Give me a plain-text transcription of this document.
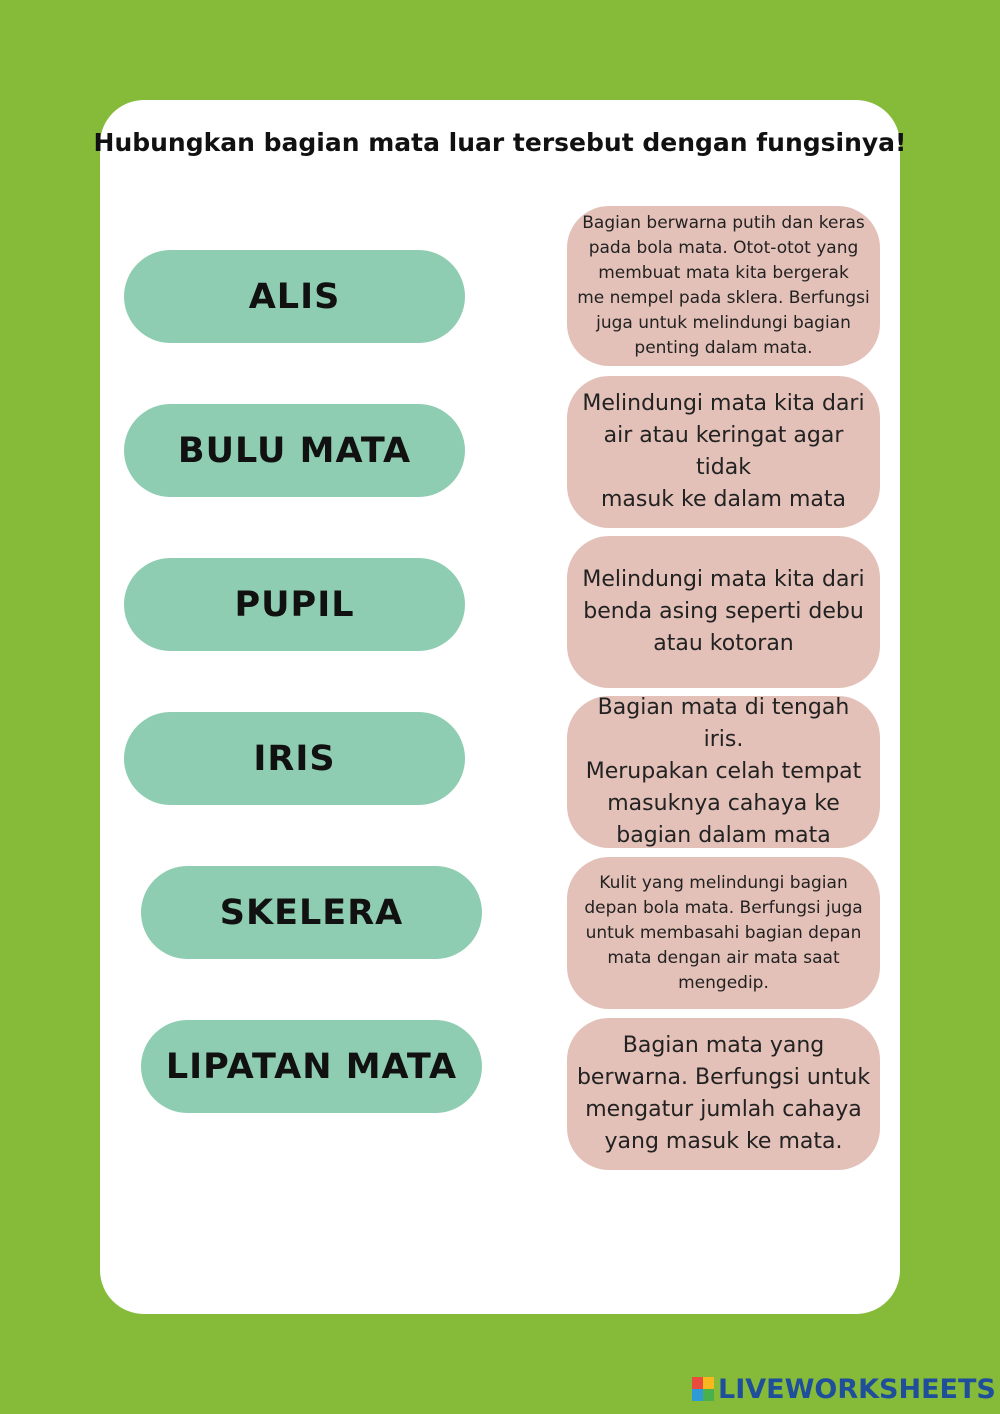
Hubungkan bagian mata luar tersebut dengan fungsinya!
ALIS
BULU MATA
PUPIL
IRIS
SKELERA
LIPATAN MATA
Bagian berwarna putih dan keras
pada bola mata. Otot-otot yang
membuat mata kita bergerak
me nempel pada sklera. Berfungsi
juga untuk melindungi bagian
penting dalam mata.
Melindungi mata kita dari
air atau keringat agar tidak
masuk ke dalam mata
Melindungi mata kita dari
benda asing seperti debu
atau kotoran
Bagian mata di tengah iris.
Merupakan celah tempat
masuknya cahaya ke
bagian dalam mata
Kulit yang melindungi bagian
depan bola mata. Berfungsi juga
untuk membasahi bagian depan
mata dengan air mata saat
mengedip.
Bagian mata yang
berwarna. Berfungsi untuk
mengatur jumlah cahaya
yang masuk ke mata.
LIVEWORKSHEETS
